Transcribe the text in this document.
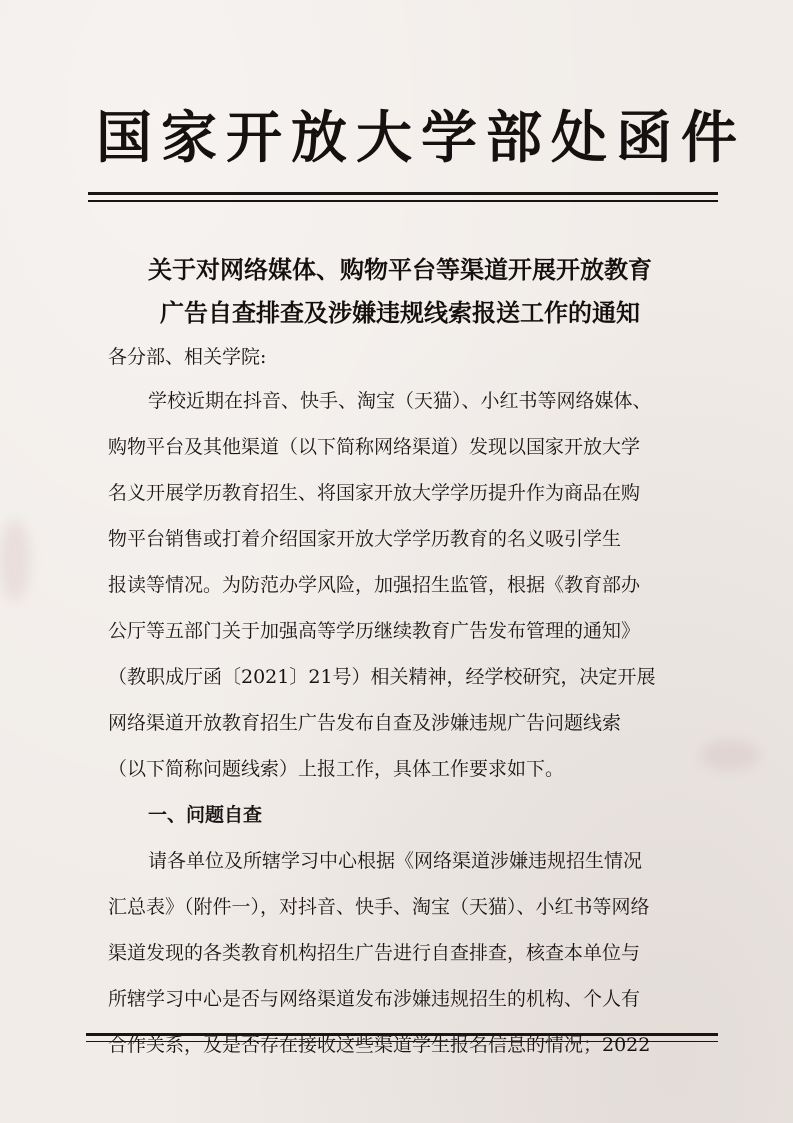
国家开放大学部处函件
关于对网络媒体、购物平台等渠道开展开放教育
广告自查排查及涉嫌违规线索报送工作的通知
各分部、相关学院:
学校近期在抖音、快手、淘宝（天猫）、小红书等网络媒体、
购物平台及其他渠道（以下简称网络渠道）发现以国家开放大学
名义开展学历教育招生、将国家开放大学学历提升作为商品在购
物平台销售或打着介绍国家开放大学学历教育的名义吸引学生
报读等情况。为防范办学风险，加强招生监管，根据《教育部办
公厅等五部门关于加强高等学历继续教育广告发布管理的通知》
（教职成厅函〔2021〕21号）相关精神，经学校研究，决定开展
网络渠道开放教育招生广告发布自查及涉嫌违规广告问题线索
（以下简称问题线索）上报工作，具体工作要求如下。
一、问题自查
请各单位及所辖学习中心根据《网络渠道涉嫌违规招生情况
汇总表》（附件一），对抖音、快手、淘宝（天猫）、小红书等网络
渠道发现的各类教育机构招生广告进行自查排查，核查本单位与
所辖学习中心是否与网络渠道发布涉嫌违规招生的机构、个人有
合作关系，及是否存在接收这些渠道学生报名信息的情况；2022
